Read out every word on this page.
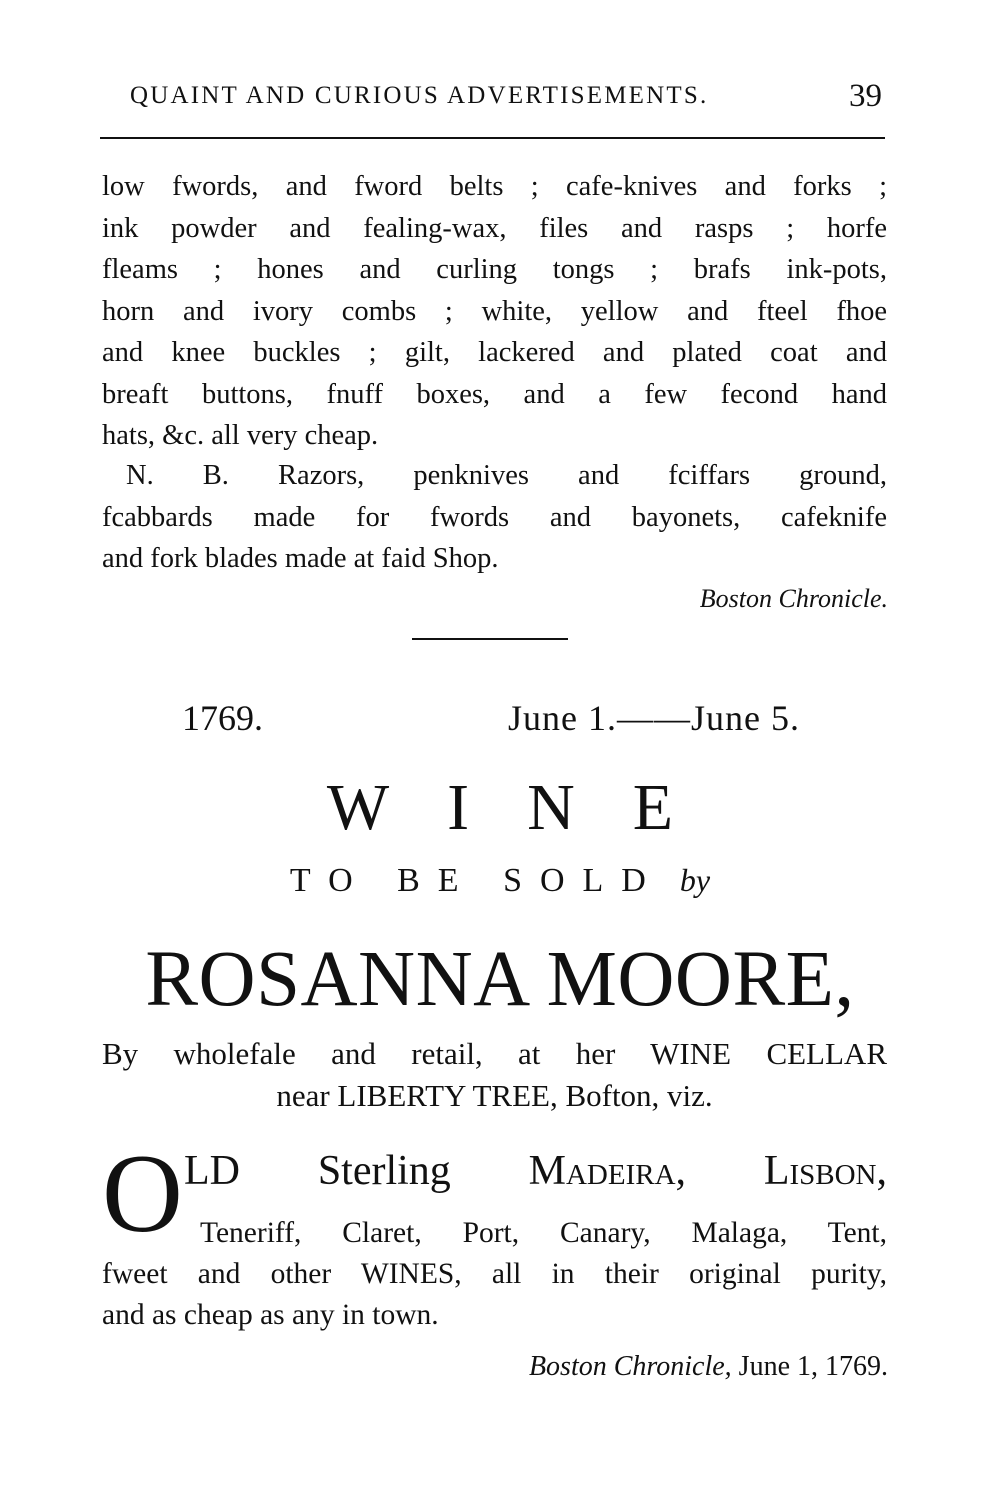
QUAINT AND CURIOUS ADVERTISEMENTS.	39
low fwords, and fword belts ; cafe-knives and forks ;
ink powder and fealing-wax, files and rasps ; horfe
fleams ; hones and curling tongs ; brafs ink-pots,
horn and ivory combs ; white, yellow and fteel fhoe
and knee buckles ; gilt, lackered and plated coat and
breaft buttons, fnuff boxes, and a few fecond hand
hats, &c. all very cheap.
N. B. Razors, penknives and fciffars ground,
fcabbards made for fwords and bayonets, cafeknife
and fork blades made at faid Shop.
Boston Chronicle.
1769.	June 1.——June 5.
WINE
TO BE SOLD by
ROSANNA MOORE,
By wholefale and retail, at her WINE CELLAR
near LIBERTY TREE, Bofton, viz.
O LD Sterling Madeira, Lisbon,
Teneriff, Claret, Port, Canary, Malaga, Tent,
fweet and other WINES, all in their original purity,
and as cheap as any in town.
Boston Chronicle, June 1, 1769.
